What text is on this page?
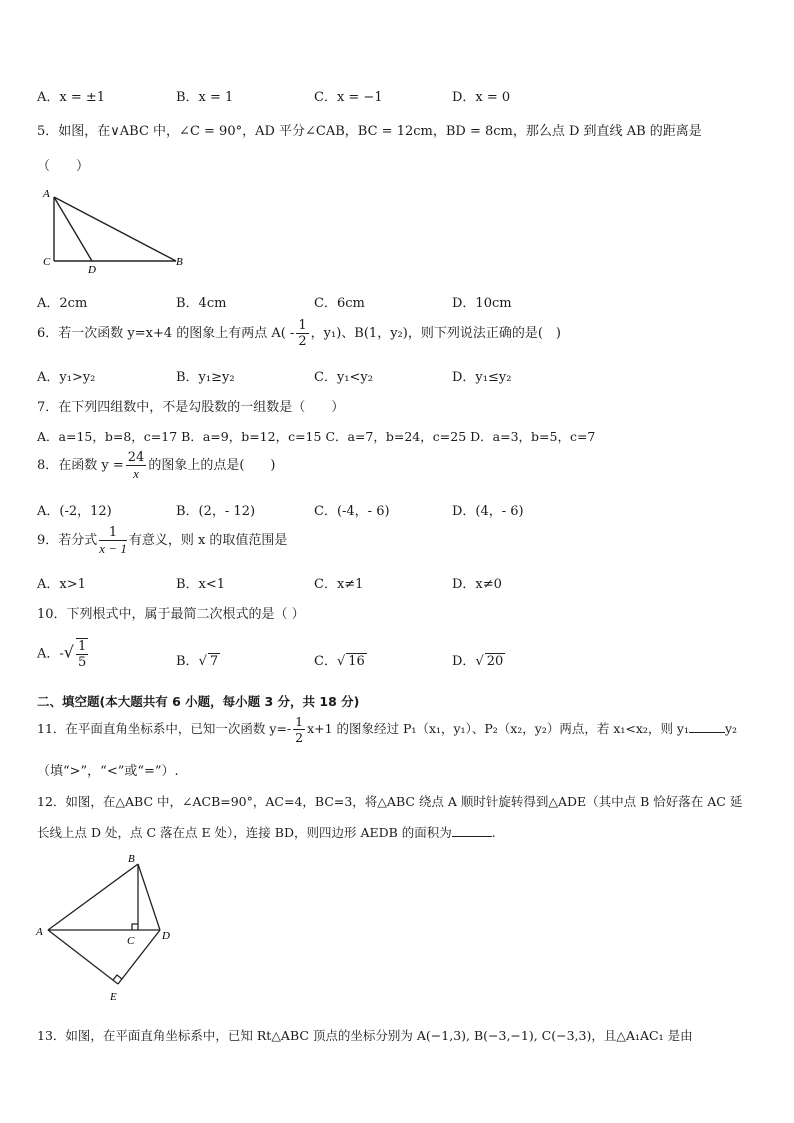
A．x = ±1	B．x = 1	C．x = −1	D．x = 0
5．如图，在∨ABC 中，∠C = 90°，AD 平分∠CAB，BC = 12cm，BD = 8cm，那么点 D 到直线 AB 的距离是
（　　）
A
C
D
B
A．2cm	B．4cm	C．6cm	D．10cm
6．若一次函数 y=x+4 的图象上有两点 $A( - \frac{1}{2}$ ，y₁)、B(1，y₂)，则下列说法正确的是(　)
A．y₁>y₂	B．y₁≥y₂	C．y₁<y₂	D．y₁≤y₂
7．在下列四组数中，不是勾股数的一组数是（　　）
A．a=15，b=8，c=17 B．a=9，b=12，c=15 C．a=7，b=24，c=25 D．a=3，b=5，c=7
8．在函数 $y = \frac{24}{x}$ 的图象上的点是(　　)
A．(-2，12)	B．(2，- 12)	C．(-4，- 6)	D．(4，- 6)
9．若分式 $\frac{1}{x - 1}$ 有意义，则 x 的取值范围是
A．x>1	B．x<1	C．x≠1	D．x≠0
10．下列根式中，属于最简二次根式的是（ ）
A．-√ $\frac{1}{5}$	B．√ 7	C．√ 16	D．√ 20
二、填空题(本大题共有 6 小题，每小题 3 分，共 18 分)
11．在平面直角坐标系中，已知一次函数 $y=- \frac{1}{2} x+1$ 的图象经过 P₁（x₁，y₁）、P₂（x₂，y₂）两点，若 x₁<x₂，则 y₁	y₂
（填“>”，“<”或“=”）.
12．如图，在△ABC 中，∠ACB=90°，AC=4，BC=3，将△ABC 绕点 A 顺时针旋转得到△ADE（其中点 B 恰好落在 AC 延
长线上点 D 处，点 C 落在点 E 处），连接 BD，则四边形 AEDB 的面积为	.
B
A
C	D
E
13．如图，在平面直角坐标系中，已知 Rt△ABC 顶点的坐标分别为 A(−1,3), B(−3,−1), C(−3,3)，且△A₁AC₁ 是由
